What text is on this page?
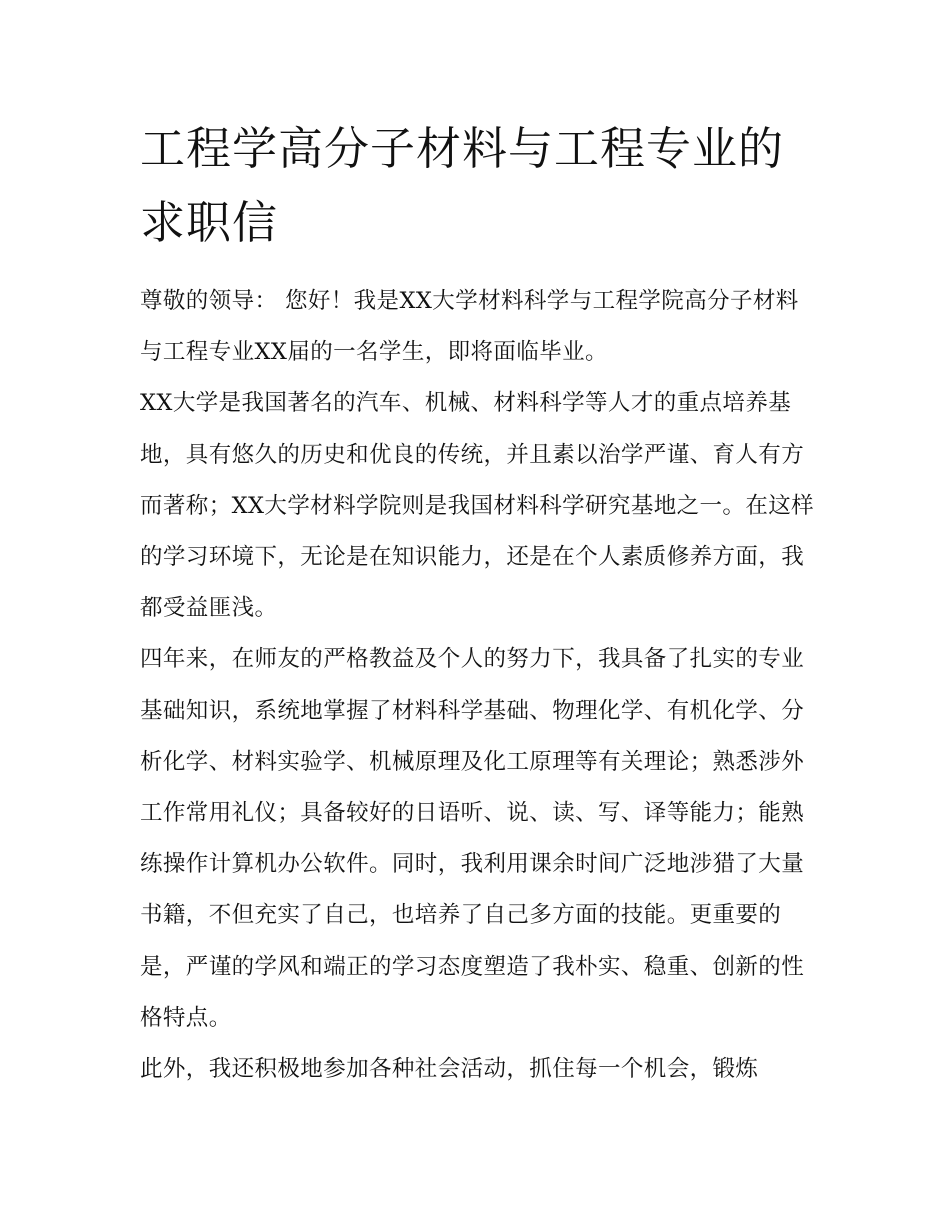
工程学高分子材料与工程专业的求职信

尊敬的领导： 您好！我是XX大学材料科学与工程学院高分子材料与工程专业XX届的一名学生，即将面临毕业。

XX大学是我国著名的汽车、机械、材料科学等人才的重点培养基地，具有悠久的历史和优良的传统，并且素以治学严谨、育人有方而著称；XX大学材料学院则是我国材料科学研究基地之一。在这样的学习环境下，无论是在知识能力，还是在个人素质修养方面，我都受益匪浅。

四年来，在师友的严格教益及个人的努力下，我具备了扎实的专业基础知识，系统地掌握了材料科学基础、物理化学、有机化学、分析化学、材料实验学、机械原理及化工原理等有关理论；熟悉涉外工作常用礼仪；具备较好的日语听、说、读、写、译等能力；能熟练操作计算机办公软件。同时，我利用课余时间广泛地涉猎了大量书籍，不但充实了自己，也培养了自己多方面的技能。更重要的是，严谨的学风和端正的学习态度塑造了我朴实、稳重、创新的性格特点。

此外，我还积极地参加各种社会活动，抓住每一个机会，锻炼
